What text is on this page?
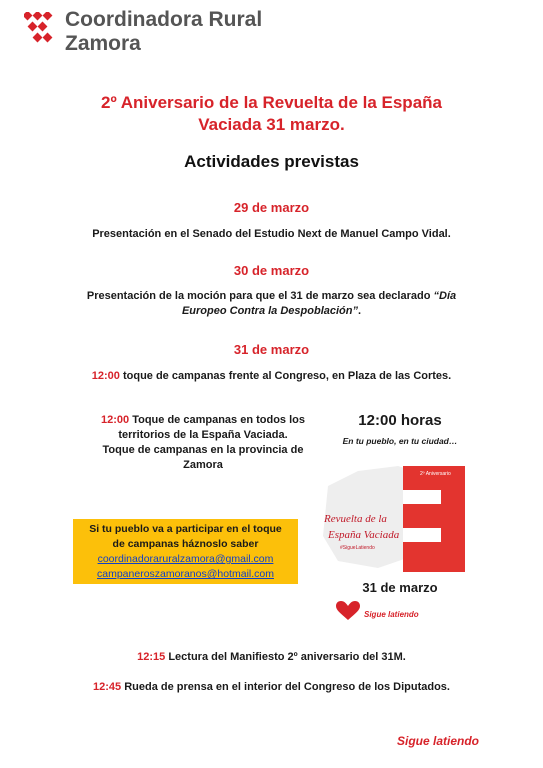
Coordinadora Rural
Zamora
2º Aniversario de la Revuelta de la España
Vaciada 31 marzo.
Actividades previstas
29 de marzo
Presentación en el Senado del Estudio Next de Manuel Campo Vidal.
30 de marzo
Presentación de la moción para que el 31 de marzo sea declarado “Día
Europeo Contra la Despoblación”.
31 de marzo
12:00 toque de campanas frente al Congreso, en Plaza de las Cortes.
12:00 Toque de campanas en todos los
territorios de la España Vaciada.
Toque de campanas en la provincia de
Zamora
12:00 horas
En tu pueblo, en tu ciudad…
2º Aniversario
Revuelta de la
España Vaciada
#SigueLatiendo
31 de marzo
Sigue latiendo
Si tu pueblo va a participar en el toque
de campanas háznoslo saber
coordinadoraruralzamora@gmail.com
campaneroszamoranos@hotmail.com
12:15 Lectura del Manifiesto 2º aniversario del 31M.
12:45 Rueda de prensa en el interior del Congreso de los Diputados.
Sigue latiendo
